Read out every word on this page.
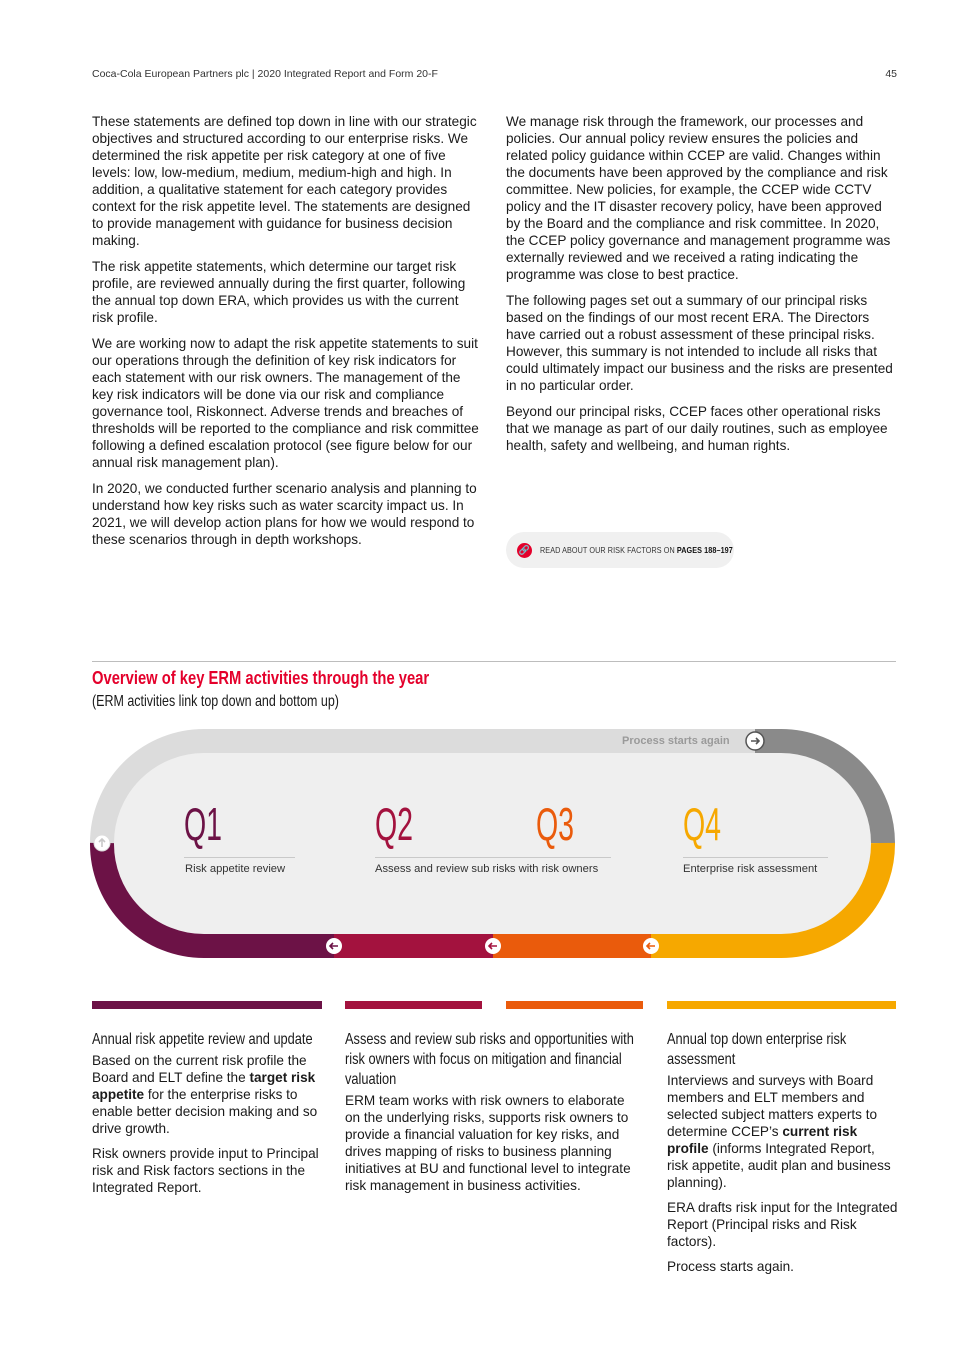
Coca-Cola European Partners plc | 2020 Integrated Report and Form 20-F	45

These statements are defined top down in line with our strategic objectives and structured according to our enterprise risks. We determined the risk appetite per risk category at one of five levels: low, low-medium, medium, medium-high and high. In addition, a qualitative statement for each category provides context for the risk appetite level. The statements are designed to provide management with guidance for business decision making.

The risk appetite statements, which determine our target risk profile, are reviewed annually during the first quarter, following the annual top down ERA, which provides us with the current risk profile.

We are working now to adapt the risk appetite statements to suit our operations through the definition of key risk indicators for each statement with our risk owners. The management of the key risk indicators will be done via our risk and compliance governance tool, Riskonnect. Adverse trends and breaches of thresholds will be reported to the compliance and risk committee following a defined escalation protocol (see figure below for our annual risk management plan).

In 2020, we conducted further scenario analysis and planning to understand how key risks such as water scarcity impact us. In 2021, we will develop action plans for how we would respond to these scenarios through in depth workshops.

We manage risk through the framework, our processes and policies. Our annual policy review ensures the policies and related policy guidance within CCEP are valid. Changes within the documents have been approved by the compliance and risk committee. New policies, for example, the CCEP wide CCTV policy and the IT disaster recovery policy, have been approved by the Board and the compliance and risk committee. In 2020, the CCEP policy governance and management programme was externally reviewed and we received a rating indicating the programme was close to best practice.

The following pages set out a summary of our principal risks based on the findings of our most recent ERA. The Directors have carried out a robust assessment of these principal risks. However, this summary is not intended to include all risks that could ultimately impact our business and the risks are presented in no particular order.

Beyond our principal risks, CCEP faces other operational risks that we manage as part of our daily routines, such as employee health, safety and wellbeing, and human rights.

🔗 READ ABOUT OUR RISK FACTORS ON PAGES 188–197
Overview of key ERM activities through the year
(ERM activities link top down and bottom up)
Process starts again
Q1
Risk appetite review
Q2
Assess and review sub risks with risk owners
Q3 Q4
Enterprise risk assessment
Annual risk appetite review and update

Based on the current risk profile the Board and ELT define the target risk appetite for the enterprise risks to enable better decision making and so drive growth.

Risk owners provide input to Principal risk and Risk factors sections in the Integrated Report.

Assess and review sub risks and opportunities with risk owners with focus on mitigation and financial valuation

ERM team works with risk owners to elaborate on the underlying risks, supports risk owners to provide a financial valuation for key risks, and drives mapping of risks to business planning initiatives at BU and functional level to integrate risk management in business activities.

Annual top down enterprise risk assessment

Interviews and surveys with Board members and ELT members and selected subject matters experts to determine CCEP’s current risk profile (informs Integrated Report, risk appetite, audit plan and business planning).

ERA drafts risk input for the Integrated Report (Principal risks and Risk factors).

Process starts again.
